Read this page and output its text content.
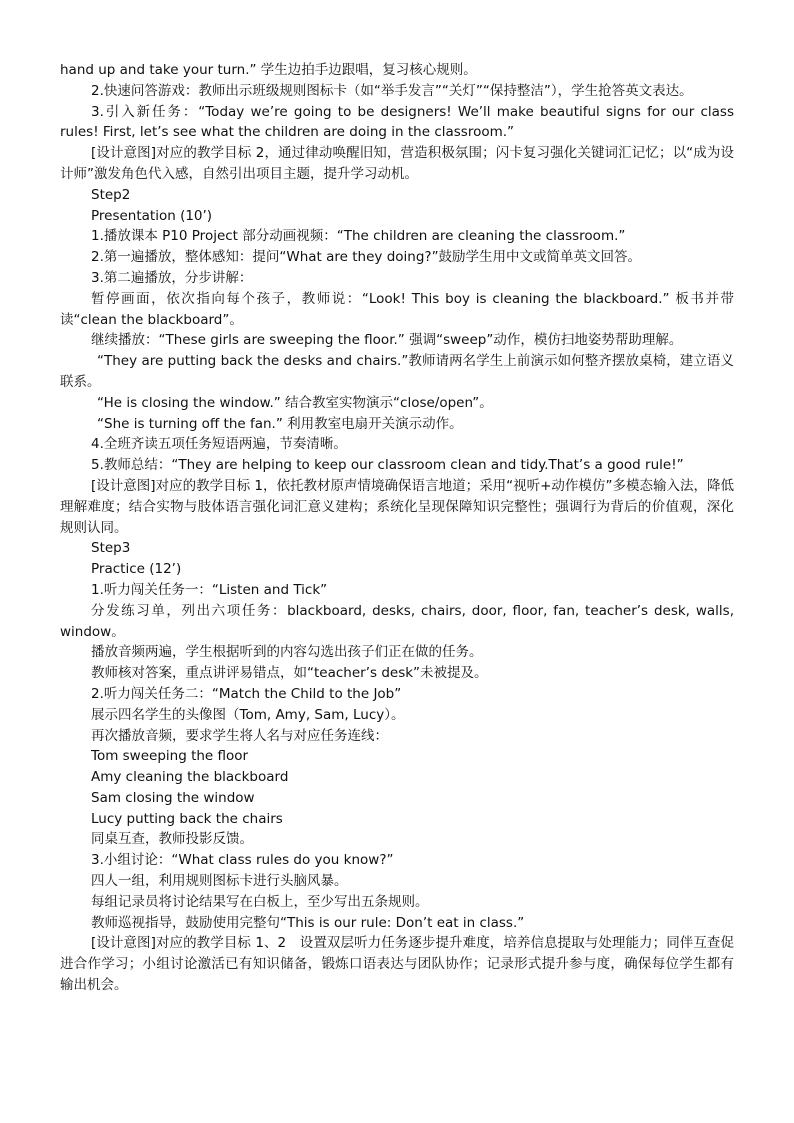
hand up and take your turn.” 学生边拍手边跟唱，复习核心规则。
2.快速问答游戏：教师出示班级规则图标卡（如“举手发言”“关灯”“保持整洁”），学生抢答英文表达。
3.引入新任务：“Today we’re going to be designers! We’ll make beautiful signs for our class rules! First, let’s see what the children are doing in the classroom.”
[设计意图]对应的教学目标 2，通过律动唤醒旧知，营造积极氛围；闪卡复习强化关键词汇记忆；以“成为设计师”激发角色代入感，自然引出项目主题，提升学习动机。
Step2
Presentation (10’)
1.播放课本 P10 Project 部分动画视频：“The children are cleaning the classroom.”
2.第一遍播放，整体感知：提问“What are they doing?”鼓励学生用中文或简单英文回答。
3.第二遍播放，分步讲解：
暂停画面，依次指向每个孩子，教师说：“Look! This boy is cleaning the blackboard.” 板书并带读“clean the blackboard”。
继续播放：“These girls are sweeping the floor.” 强调“sweep”动作，模仿扫地姿势帮助理解。
“They are putting back the desks and chairs.”教师请两名学生上前演示如何整齐摆放桌椅，建立语义联系。
“He is closing the window.” 结合教室实物演示“close/open”。
“She is turning off the fan.” 利用教室电扇开关演示动作。
4.全班齐读五项任务短语两遍，节奏清晰。
5.教师总结：“They are helping to keep our classroom clean and tidy.That’s a good rule!”
[设计意图]对应的教学目标 1，依托教材原声情境确保语言地道；采用“视听+动作模仿”多模态输入法，降低理解难度；结合实物与肢体语言强化词汇意义建构；系统化呈现保障知识完整性；强调行为背后的价值观，深化规则认同。
Step3
Practice (12’)
1.听力闯关任务一：“Listen and Tick”
分发练习单，列出六项任务：blackboard, desks, chairs, door, floor, fan, teacher’s desk, walls, window。
播放音频两遍，学生根据听到的内容勾选出孩子们正在做的任务。
教师核对答案，重点讲评易错点，如“teacher’s desk”未被提及。
2.听力闯关任务二：“Match the Child to the Job”
展示四名学生的头像图（Tom, Amy, Sam, Lucy）。
再次播放音频，要求学生将人名与对应任务连线：
Tom sweeping the floor
Amy cleaning the blackboard
Sam closing the window
Lucy putting back the chairs
同桌互查，教师投影反馈。
3.小组讨论：“What class rules do you know?”
四人一组，利用规则图标卡进行头脑风暴。
每组记录员将讨论结果写在白板上，至少写出五条规则。
教师巡视指导，鼓励使用完整句“This is our rule: Don’t eat in class.”
[设计意图]对应的教学目标 1、2　设置双层听力任务逐步提升难度，培养信息提取与处理能力；同伴互查促进合作学习；小组讨论激活已有知识储备，锻炼口语表达与团队协作；记录形式提升参与度，确保每位学生都有输出机会。
